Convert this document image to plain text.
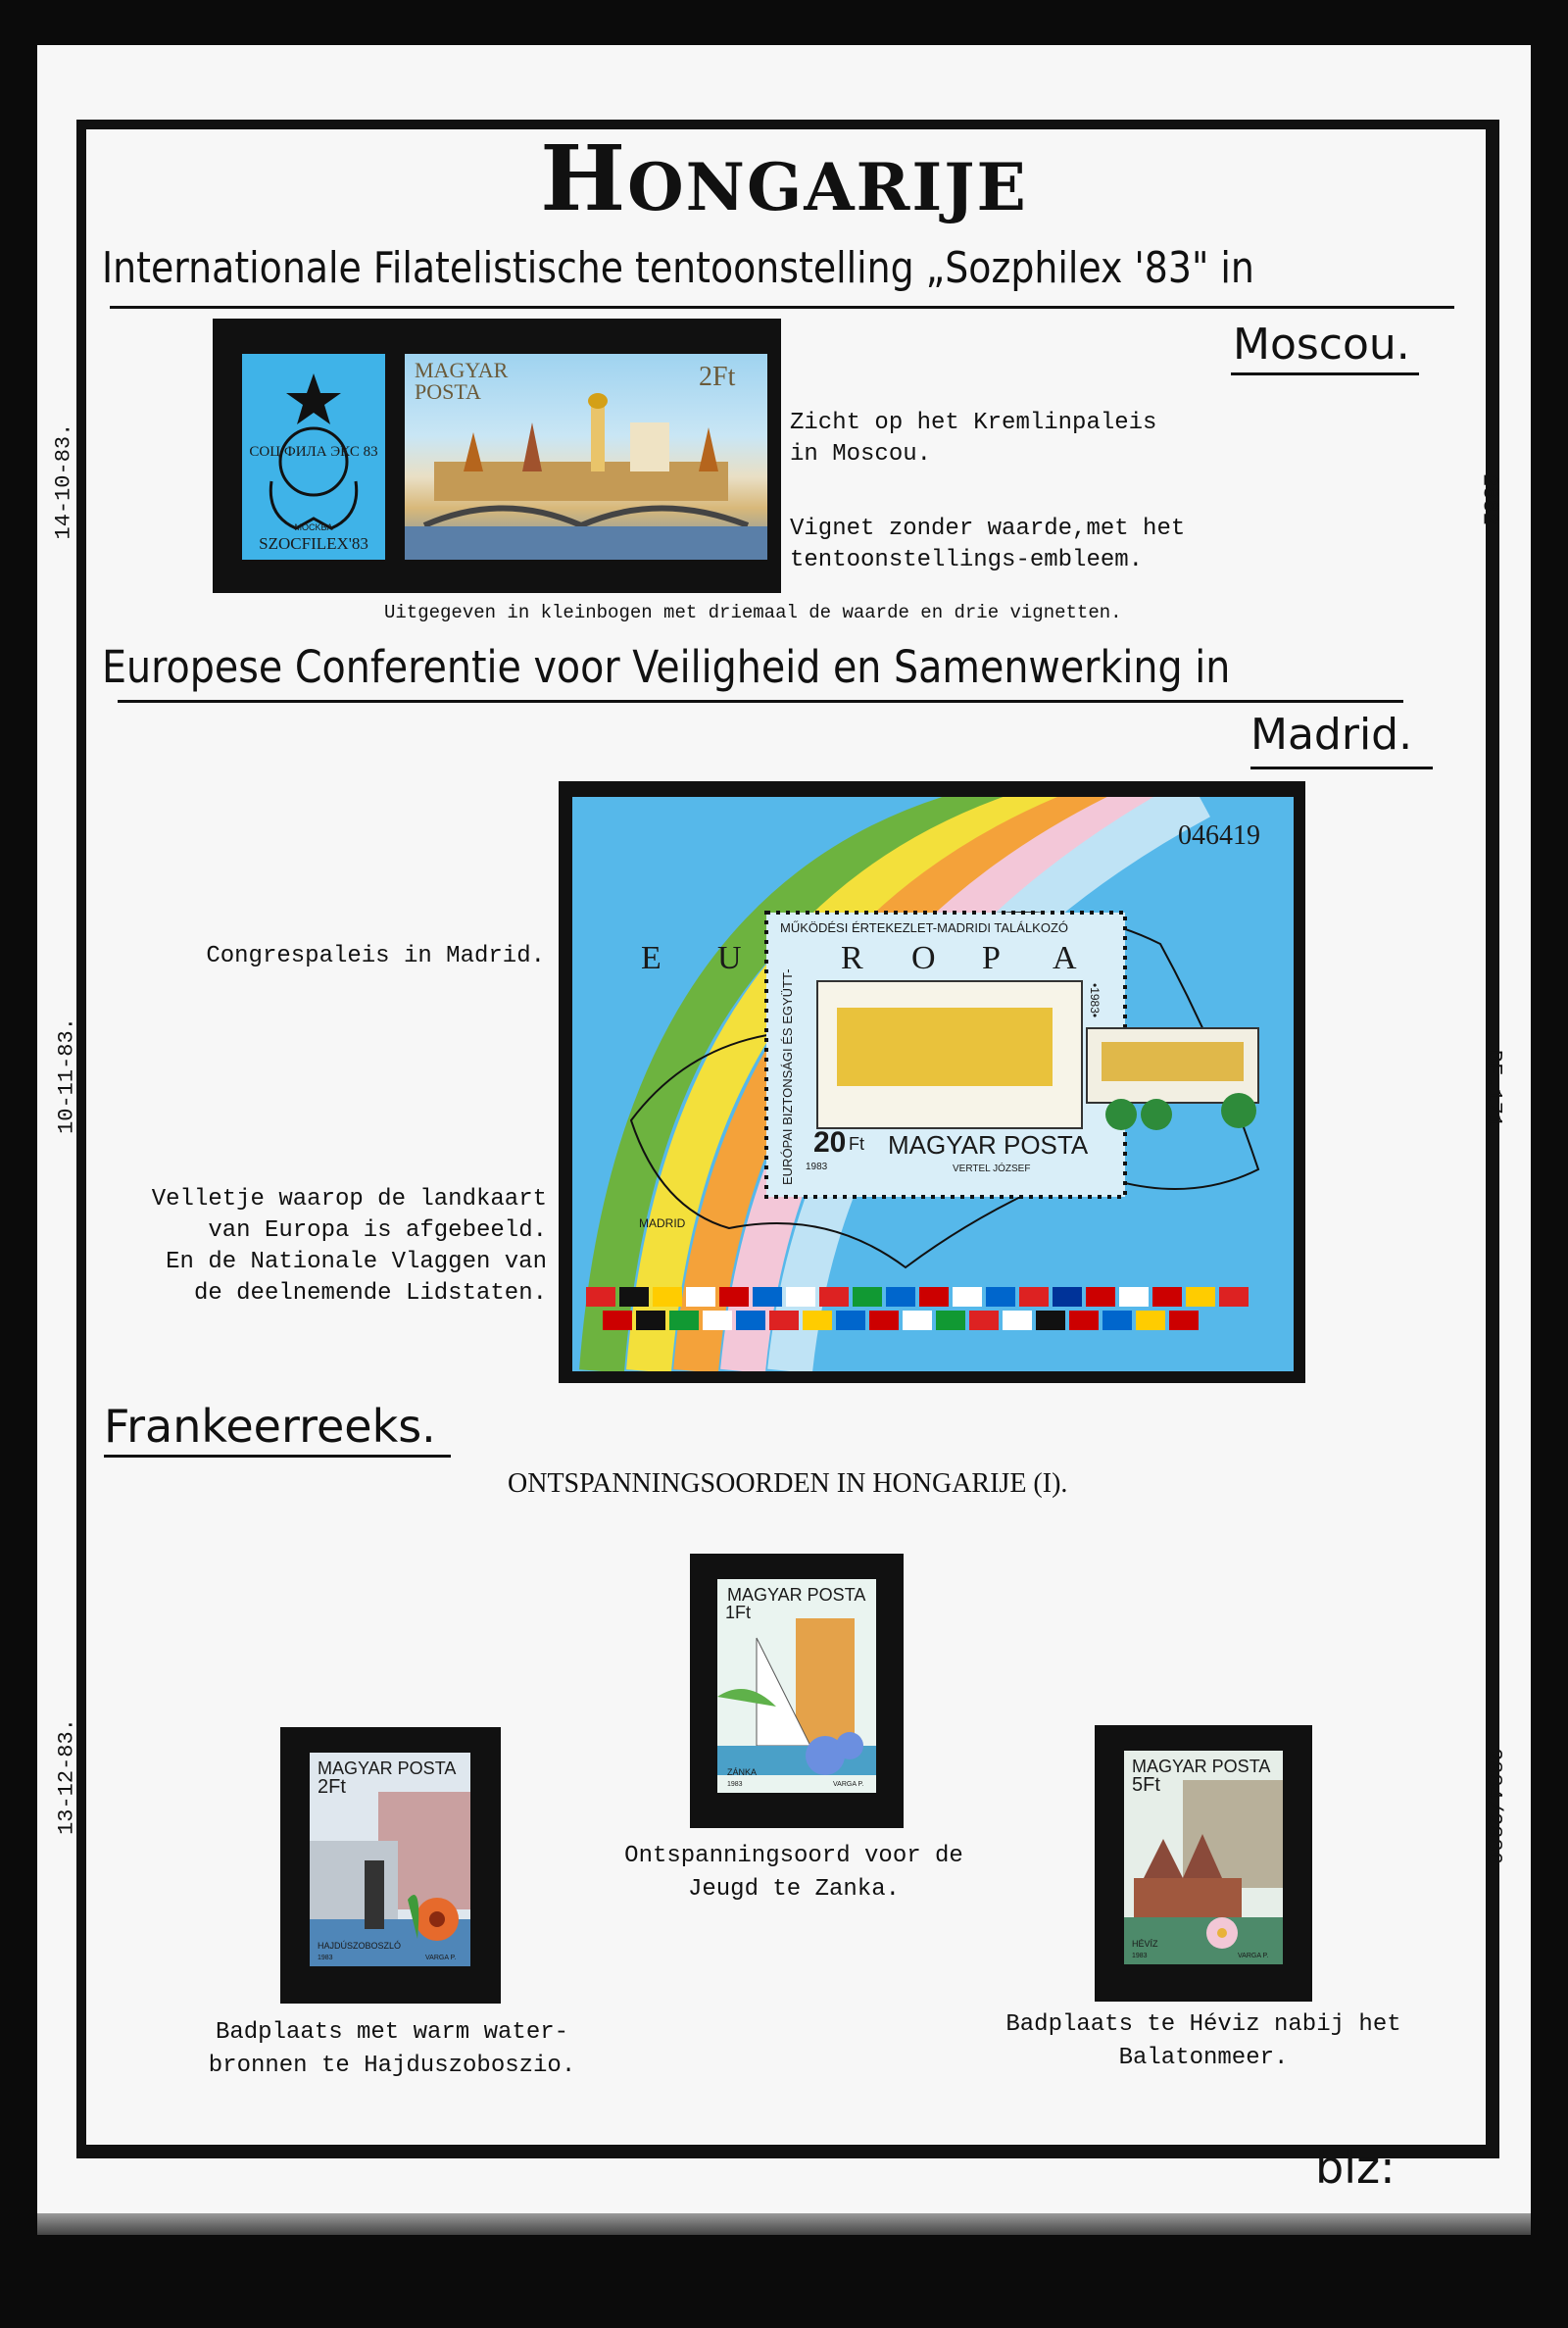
HONGARIJE
Internationale Filatelistische tentoonstelling „Sozphilex '83" in
Moscou.
14-10-83.	2882
СОЦ ФИЛА ЭКС 83
MOCKBA
SZOCFILEX'83
MAGYAR
POSTA	2Ft
Zicht op het Kremlinpaleis
in Moscou.
Vignet zonder waarde,met het
tentoonstellings-embleem.
Uitgegeven in kleinbogen met driemaal de waarde en drie vignetten.
Europese Conferentie voor Veiligheid en Samenwerking in
Madrid.
10-11-83.	BF.171
Congrespaleis in Madrid.
Velletje waarop de landkaart
van Europa is afgebeeld.
En de Nationale Vlaggen van
de deelnemende Lidstaten.
046419
E U	R O P A
MŰKÖDÉSI ÉRTEKEZLET-MADRIDI TALÁLKOZÓ
EURÓPAI BIZTONSÁGI ÉS EGYÜTT-	•1983•
20 Ft MAGYAR POSTA
1983	VERTEL JÓZSEF
MADRID
Frankeerreeks.
ONTSPANNINGSOORDEN IN HONGARIJE (I).
13-12-83.	2884/2886
MAGYAR POSTA
1Ft
ZÁNKA
1983	VARGA P.
Ontspanningsoord voor de
Jeugd te Zanka.
MAGYAR POSTA
2Ft
HAJDÚSZOBOSZLÓ
1983	VARGA P.
Badplaats met warm water-
bronnen te Hajduszoboszio.
MAGYAR POSTA
5Ft
HÉVÍZ
1983	VARGA P.
Badplaats te Héviz nabij het
Balatonmeer.
blz:
